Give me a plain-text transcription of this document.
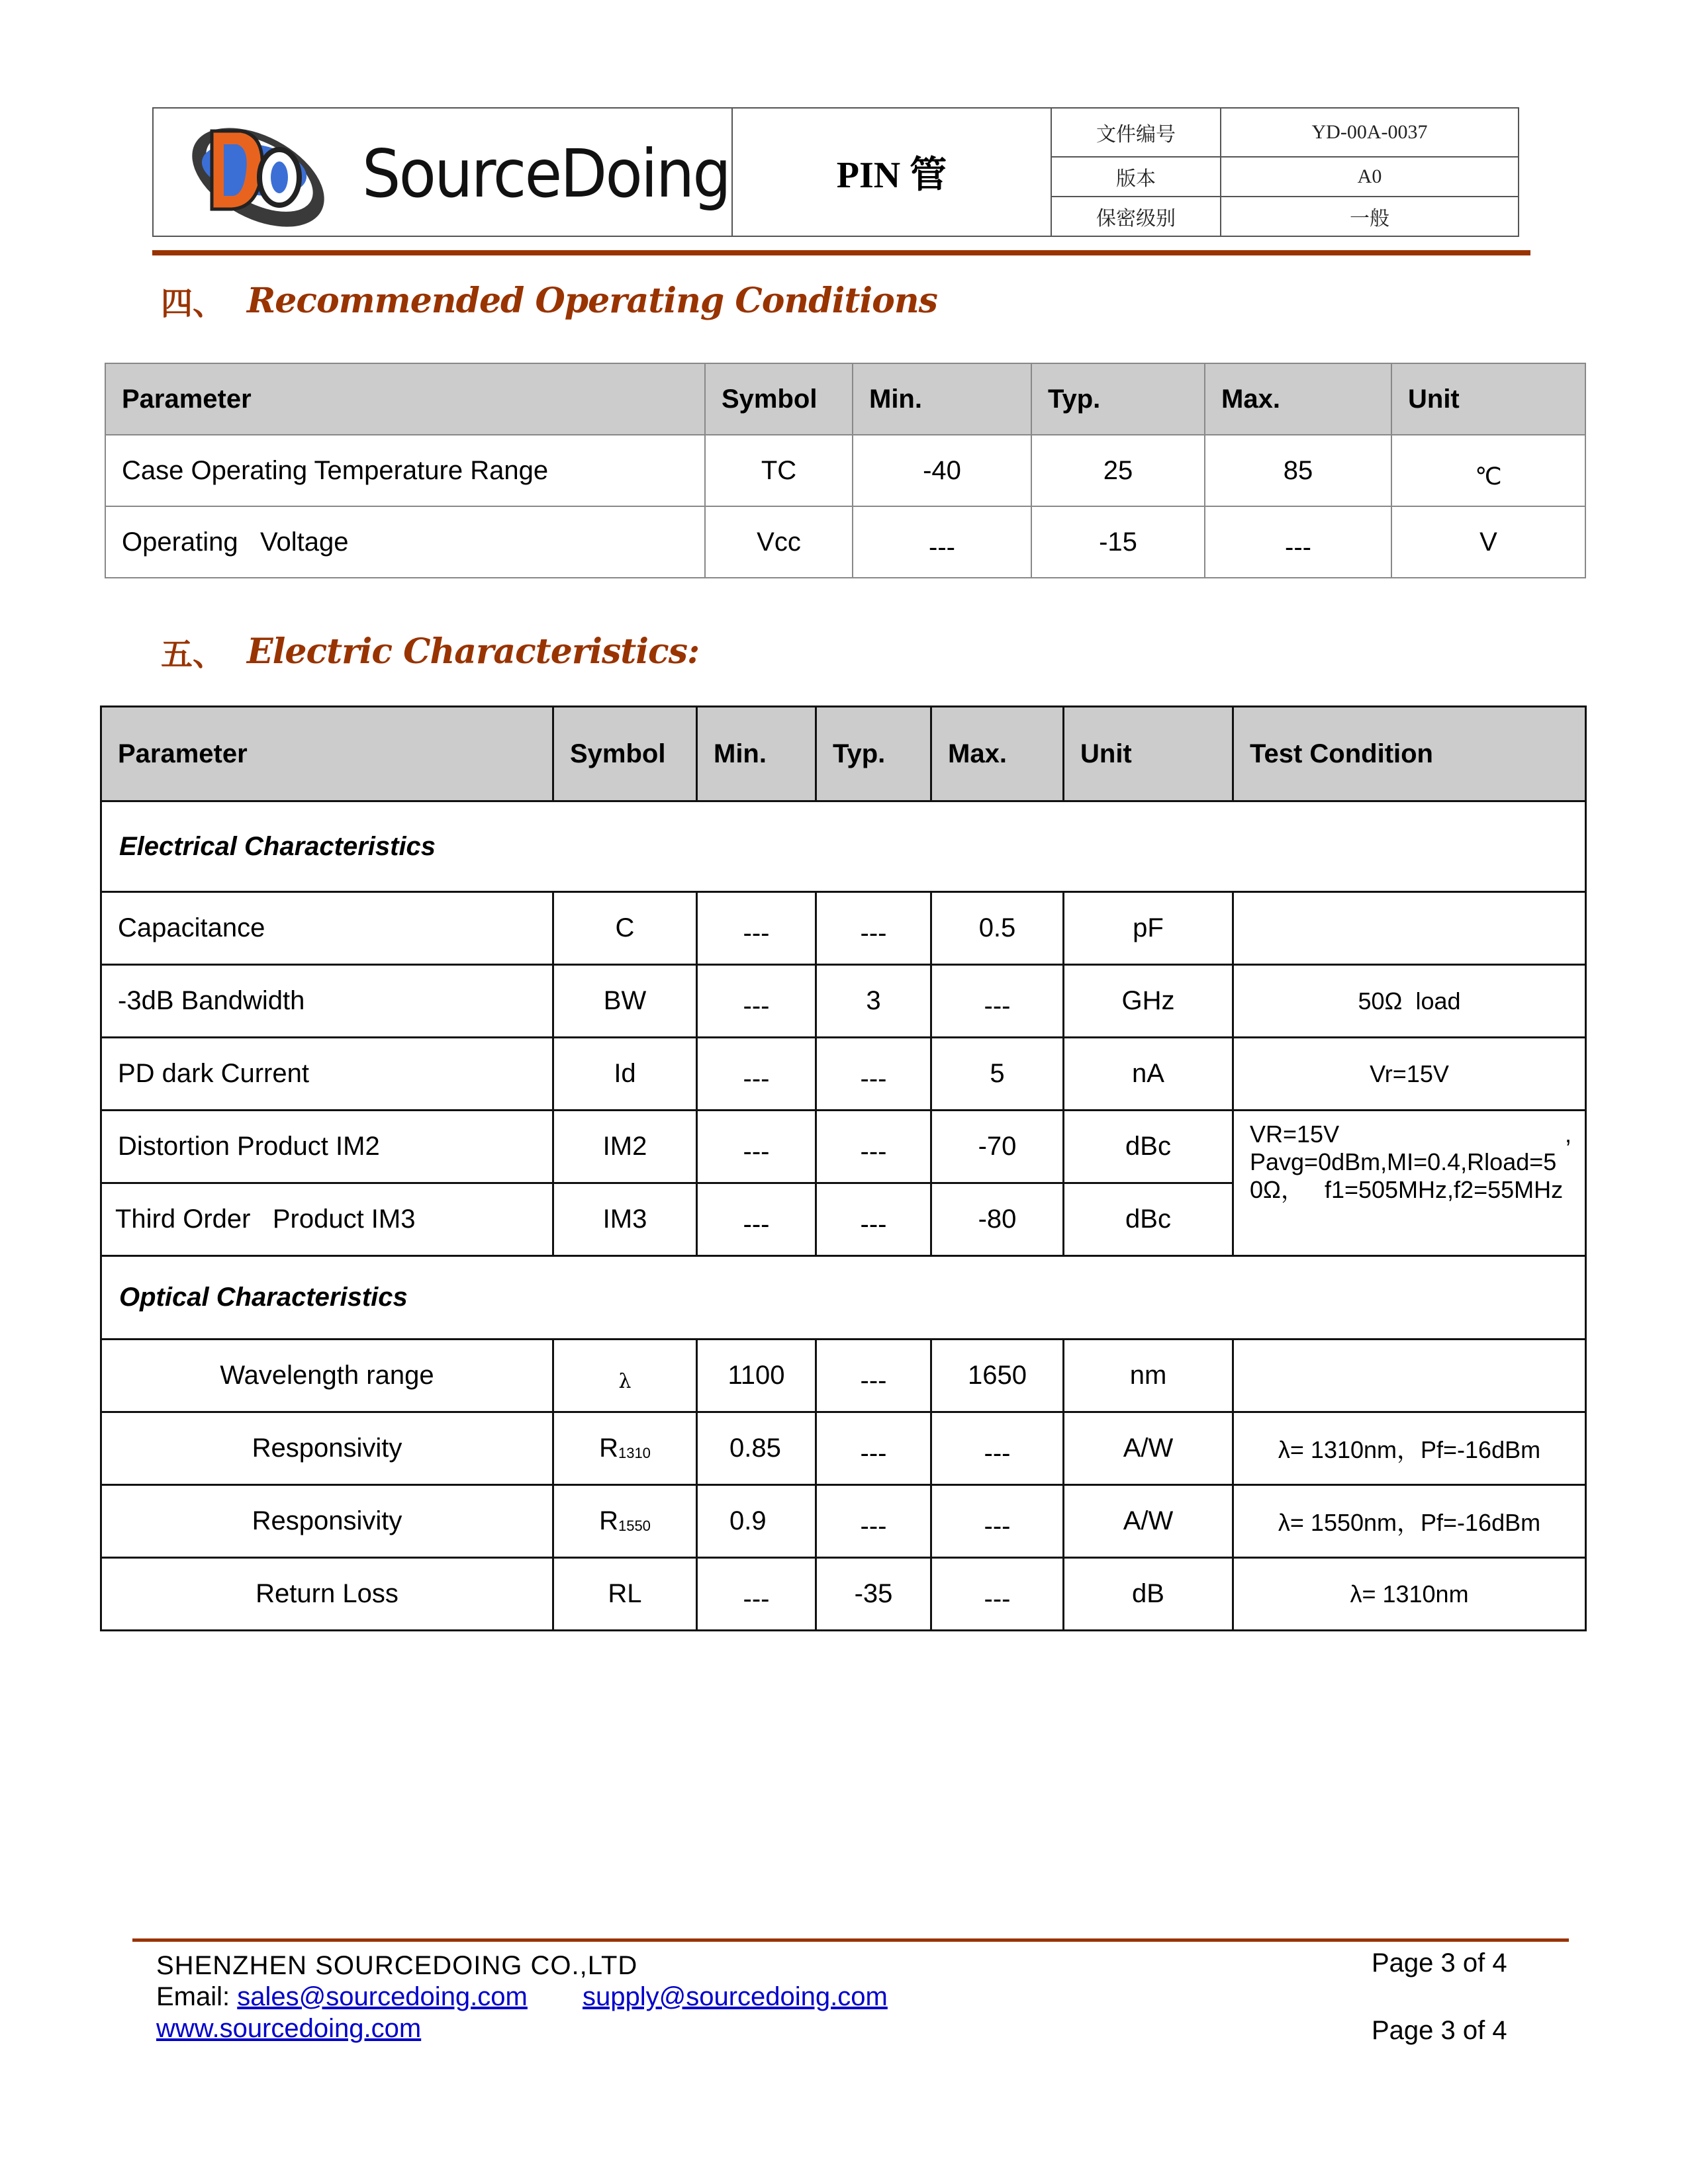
SourceDoing	PIN 管
文件编号	YD-00A-0037
版本	A0
保密级别	一般
四、 Recommended Operating Conditions
Parameter	Symbol	Min.	Typ.	Max.	Unit
Case Operating Temperature Range	TC	-40	25	85	℃
Operating   Voltage	Vcc	---	-15	---	V
五、 Electric Characteristics:
Parameter	Symbol	Min.	Typ.	Max.	Unit	Test Condition
Electrical Characteristics						
Capacitance	C	---	---	0.5	pF	
-3dB Bandwidth	BW	---	3	---	GHz	50Ω  load
PD dark Current	Id	---	---	5	nA	Vr=15V
Distortion Product IM2	IM2	---	---	-70	dBc	VR=15V ,
Pavg=0dBm,MI=0.4,Rload=5
0Ω，   f1=505MHz,f2=55MHz

Third Order   Product IM3	IM3	---	---	-80	dBc	
Optical Characteristics						
Wavelength range	λ	1100	---	1650	nm	
Responsivity	$R_{1310}$	0.85	---	---	A/W	λ= 1310nm，Pf=-16dBm
Responsivity	$R_{1550}$	0.9	---	---	A/W	λ= 1550nm，Pf=-16dBm
Return Loss	RL	---	-35	---	dB	λ= 1310nm
SHENZHEN SOURCEDOING CO.,LTD
Email: sales@sourcedoing.com supply@sourcedoing.com
www.sourcedoing.com
Page 3 of 4
Page 3 of 4
